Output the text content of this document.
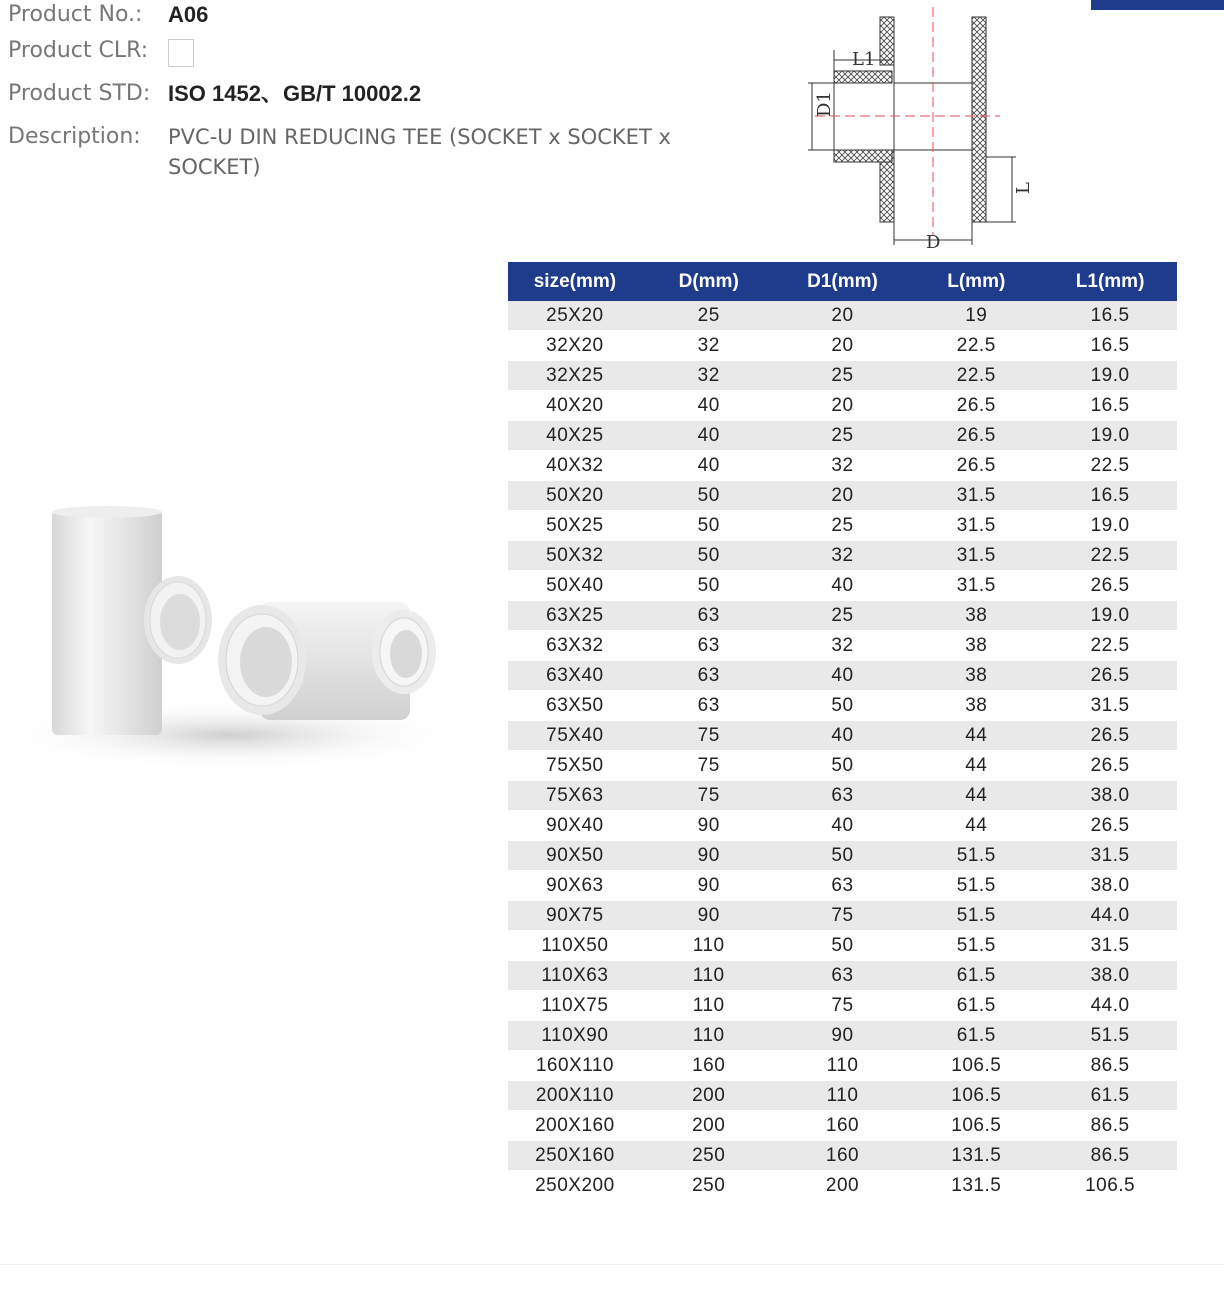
Product No.:	A06
Product CLR:
Product STD: ISO 1452、GB/T 10002.2
Description:	PVC-U DIN REDUCING TEE (SOCKET x SOCKET x SOCKET)
L1
D1
L
D
size(mm)	D(mm)	D1(mm)	L(mm)	L1(mm)
25X20	25	20	19	16.5
32X20	32	20	22.5	16.5
32X25	32	25	22.5	19.0
40X20	40	20	26.5	16.5
40X25	40	25	26.5	19.0
40X32	40	32	26.5	22.5
50X20	50	20	31.5	16.5
50X25	50	25	31.5	19.0
50X32	50	32	31.5	22.5
50X40	50	40	31.5	26.5
63X25	63	25	38	19.0
63X32	63	32	38	22.5
63X40	63	40	38	26.5
63X50	63	50	38	31.5
75X40	75	40	44	26.5
75X50	75	50	44	26.5
75X63	75	63	44	38.0
90X40	90	40	44	26.5
90X50	90	50	51.5	31.5
90X63	90	63	51.5	38.0
90X75	90	75	51.5	44.0
110X50	110	50	51.5	31.5
110X63	110	63	61.5	38.0
110X75	110	75	61.5	44.0
110X90	110	90	61.5	51.5
160X110	160	110	106.5	86.5
200X110	200	110	106.5	61.5
200X160	200	160	106.5	86.5
250X160	250	160	131.5	86.5
250X200	250	200	131.5	106.5
